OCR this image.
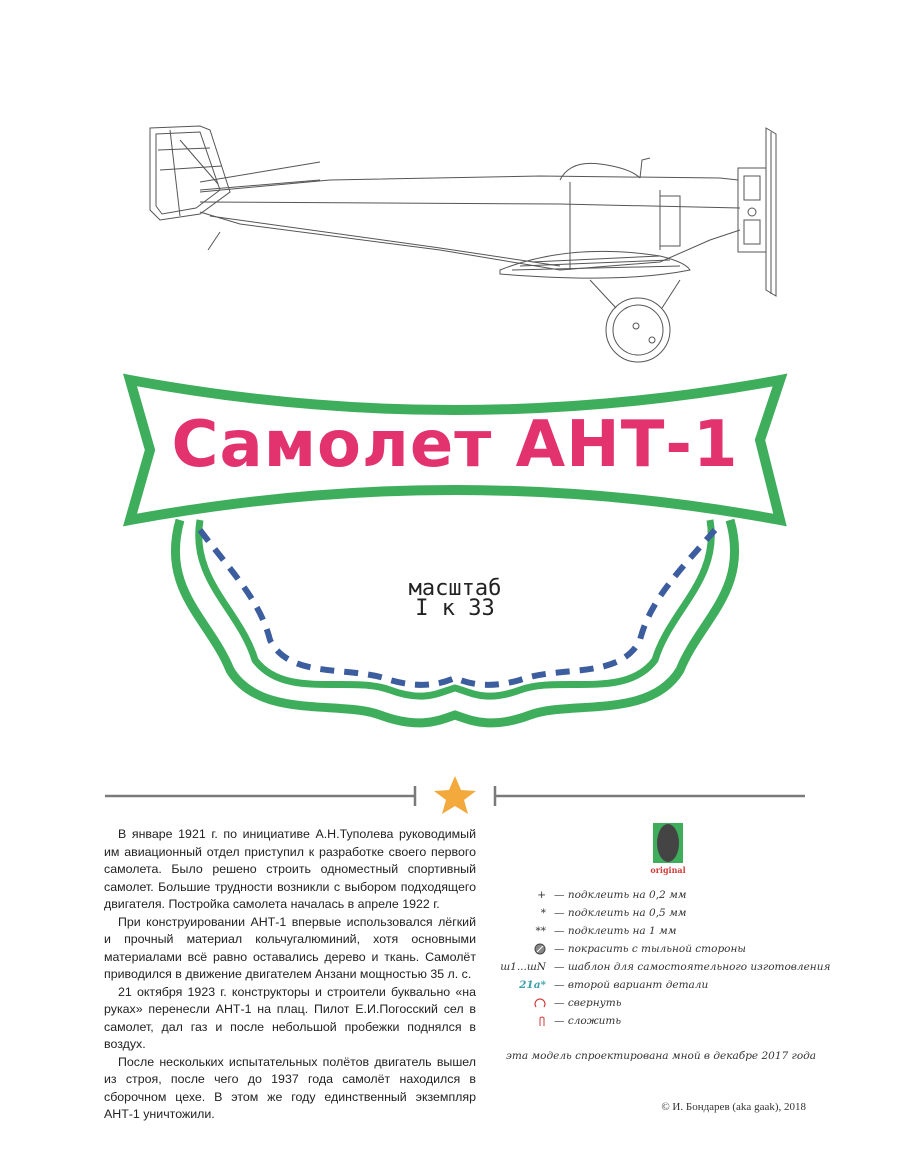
Самолет АНТ-1
масштаб
I к 33

В январе 1921 г. по инициативе А.Н.Туполева руководимый им авиационный отдел приступил к разработке своего первого самолета. Было решено строить одноместный спортивный самолет. Большие трудности возникли с выбором подходящего двигателя. Постройка самолета началась в апреле 1922 г.

При конструировании АНТ-1 впервые использовался лёгкий и прочный материал кольчугалюминий, хотя основными материалами всё равно оставались дерево и ткань. Самолёт приводился в движение двигателем Анзани мощностью 35 л. с.

21 октября 1923 г. конструкторы и строители буквально «на руках» перенесли АНТ-1 на плац. Пилот Е.И.Погосский сел в самолет, дал газ и после небольшой пробежки поднялся в воздух.

После нескольких испытательных полётов двигатель вышел из строя, после чего до 1937 года самолёт находился в сборочном цехе. В этом же году единственный экземпляр АНТ-1 уничтожили.

original
+ — подклеить на 0,2 мм
* — подклеить на 0,5 мм
** — подклеить на 1 мм
— покрасить с тыльной стороны
ш1...шN — шаблон для самостоятельного изготовления
21а* — второй вариант детали
— свернуть
— сложить
эта модель спроектирована мной в декабре 2017 года
© И. Бондарев (aka gaak), 2018
